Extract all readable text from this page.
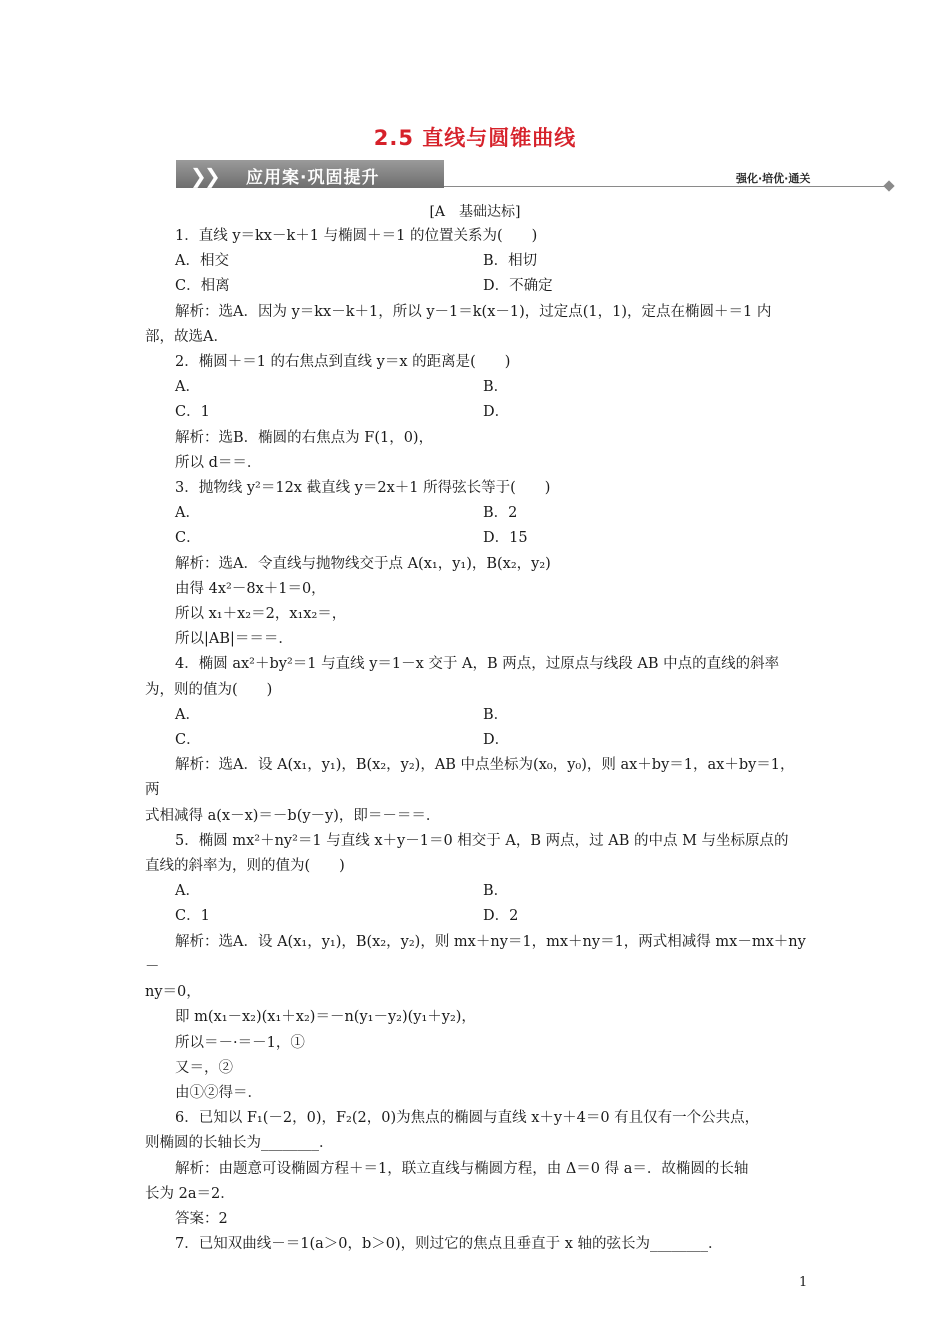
2.5 直线与圆锥曲线
❯
❯ 应用案·巩固提升	强化·培优·通关
[A　基础达标]

1．直线 y＝kx－k＋1 与椭圆＋＝1 的位置关系为(　　)

A．相交	B．相切
C．相离	D．不确定

解析：选A．因为 y＝kx－k＋1，所以 y－1＝k(x－1)，过定点(1，1)，定点在椭圆＋＝1 内

部，故选A．

2．椭圆＋＝1 的右焦点到直线 y＝x 的距离是(　　)

A．	B．
C．1	D．

解析：选B．椭圆的右焦点为 F(1，0)，

所以 d＝＝．

3．抛物线 y²＝12x 截直线 y＝2x＋1 所得弦长等于(　　)

A．	B．2
C．	D．15

解析：选A．令直线与抛物线交于点 A(x₁，y₁)，B(x₂，y₂)

由得 4x²－8x＋1＝0，

所以 x₁＋x₂＝2，x₁x₂＝，

所以|AB|＝＝＝．

4．椭圆 ax²＋by²＝1 与直线 y＝1－x 交于 A，B 两点，过原点与线段 AB 中点的直线的斜率

为，则的值为(　　)

A．	B．
C．	D．

解析：选A．设 A(x₁，y₁)，B(x₂，y₂)，AB 中点坐标为(x₀，y₀)，则 ax＋by＝1，ax＋by＝1，两

式相减得 a(x－x)＝－b(y－y)，即＝－＝＝．

5．椭圆 mx²＋ny²＝1 与直线 x＋y－1＝0 相交于 A，B 两点，过 AB 的中点 M 与坐标原点的

直线的斜率为，则的值为(　　)

A．	B．
C．1	D．2

解析：选A．设 A(x₁，y₁)，B(x₂，y₂)，则 mx＋ny＝1，mx＋ny＝1，两式相减得 mx－mx＋ny－

ny＝0，

即 m(x₁－x₂)(x₁＋x₂)＝－n(y₁－y₂)(y₁＋y₂)，

所以＝－·＝－1，①

又＝，②

由①②得＝．

6．已知以 F₁(－2，0)，F₂(2，0)为焦点的椭圆与直线 x＋y＋4＝0 有且仅有一个公共点，

则椭圆的长轴长为________．

解析：由题意可设椭圆方程＋＝1，联立直线与椭圆方程，由 Δ＝0 得 a＝．故椭圆的长轴

长为 2a＝2．

答案：2

7．已知双曲线－＝1(a＞0，b＞0)，则过它的焦点且垂直于 x 轴的弦长为________．

1
